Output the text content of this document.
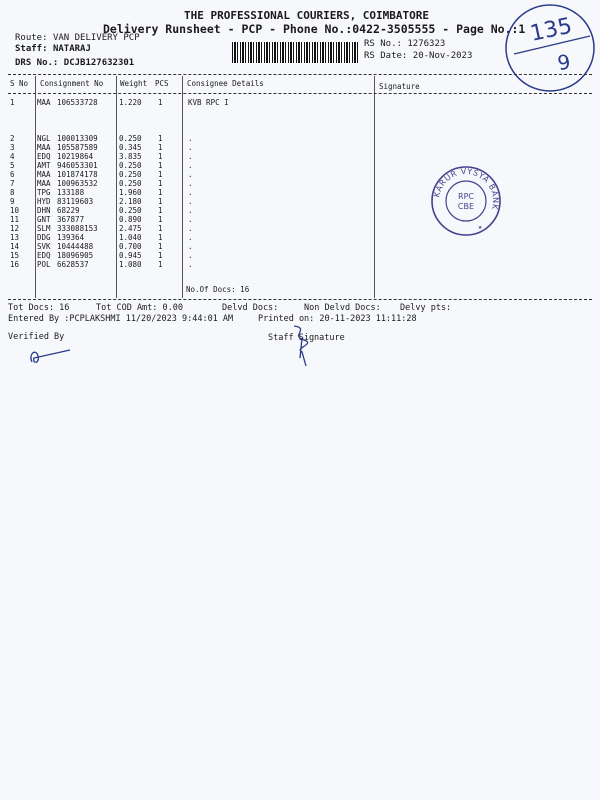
THE PROFESSIONAL COURIERS, COIMBATORE
Delivery Runsheet - PCP - Phone No.:0422-3505555 - Page No.:1
Route: VAN DELIVERY PCP
Staff: NATARAJ
DRS No.: DCJB127632301
RS No.: 1276323
RS Date: 20-Nov-2023
135
9
S No Consignment No Weight PCS Consignee Details	Signature
1	MAA 106533728	1.220 1	KVB RPC I
2	NGL 100013309	0.250 1	.
3	MAA 105587589	0.345 1	.
4	EDQ 10219864	3.835 1	.
5	AMT 946053301	0.250 1	.
6	MAA 101874178	0.250 1	.
7	MAA 100963532	0.250 1	.
8	TPG 133188	1.960 1	.
9	HYD 83119603	2.180 1	.
10 DHN 68229	0.250 1	.
11 GNT 367877	0.890 1	.
12 SLM 333088153	2.475 1	.
13 DDG 139364	1.040 1	.
14 SVK 10444488	0.700 1	.
15 EDQ 18096905	0.945 1	.
16 POL 6628537	1.080 1	.
No.Of Docs: 16
KARUR VYSYA BANK
RPC
CBE
★
Tot Docs: 16	Tot COD Amt: 0.00	Delvd Docs:	Non Delvd Docs: Delvy pts:
Entered By :PCPLAKSHMI 11/20/2023 9:44:01 AM	Printed on: 20-11-2023 11:11:28
Verified By	Staff Signature
